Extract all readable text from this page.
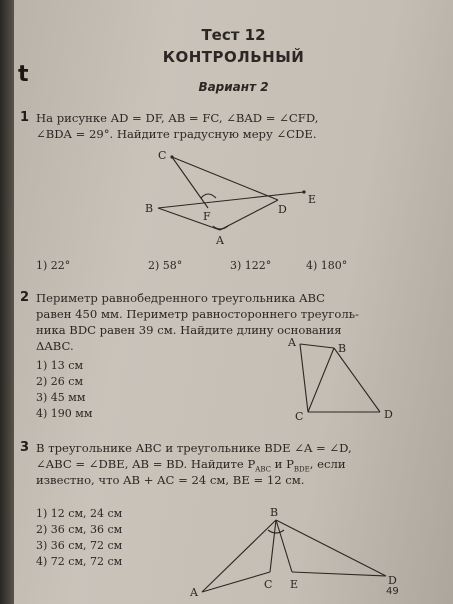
t
Тест 12
КОНТРОЛЬНЫЙ
Вариант 2
1 На рисунке AD = DF, AB = FC, ∠BAD = ∠CFD,
∠BDA = 29°. Найдите градусную меру ∠CDE.
C
B
F
D
E
A
1) 22°	2) 58°	3) 122°	4) 180°
2 Периметр равнобедренного треугольника ABC
равен 450 мм. Периметр равностороннего треуголь-
ника BDC равен 39 см. Найдите длину основания
ΔABC.
1) 13 см
2) 26 см
3) 45 мм
4) 190 мм
A	B
C	D
3 В треугольнике ABC и треугольнике BDE ∠A = ∠D,
∠ABC = ∠DBE, AB = BD. Найдите $P_{ABC}$ и $P_{BDE}$, если
известно, что AB + AC = 24 см, BE = 12 см.
1) 12 см, 24 см
2) 36 см, 36 см
3) 36 см, 72 см
4) 72 см, 72 см
B
A
C E	D
49
